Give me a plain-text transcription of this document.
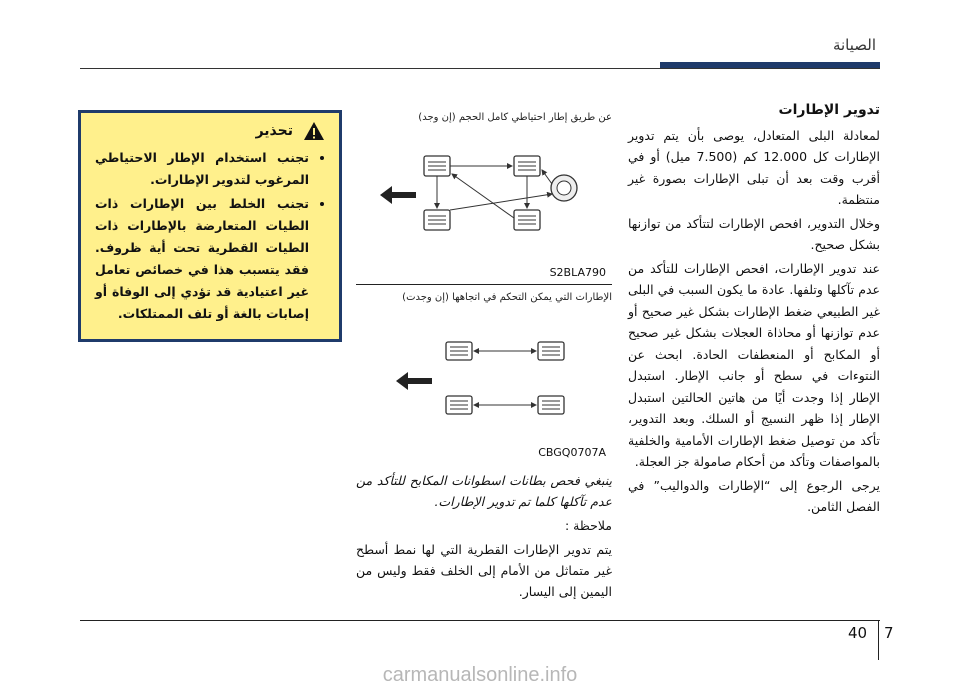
الصيانة
تدوير الإطارات

لمعادلة البلى المتعادل، يوصى بأن يتم تدوير الإطارات كل 12.000 كم (7.500 ميل) أو في أقرب وقت بعد أن تبلى الإطارات بصورة غير منتظمة.

وخلال التدوير، افحص الإطارات لتتأكد من توازنها بشكل صحيح.

عند تدوير الإطارات، افحص الإطارات للتأكد من عدم تآكلها وتلفها. عادة ما يكون السبب في البلى غير الطبيعي ضغط الإطارات بشكل غير صحيح أو عدم توازنها أو محاذاة العجلات بشكل غير صحيح أو المكابح أو المنعطفات الحادة. ابحث عن النتوءات في سطح أو جانب الإطار. استبدل الإطار إذا وجدت أيًا من هاتين الحالتين استبدل الإطار إذا ظهر النسيج أو السلك. وبعد التدوير، تأكد من توصيل ضغط الإطارات الأمامية والخلفية بالمواصفات وتأكد من أحكام صامولة جز العجلة.

يرجى الرجوع إلى “الإطارات والدواليب” في الفصل الثامن.

عن طريق إطار احتياطي كامل الحجم (إن وجد)
S2BLA790
الإطارات التي يمكن التحكم في اتجاهها (إن وجدت)
CBGQ0707A

ينبغي فحص بطانات اسطوانات المكابح للتأكد من عدم تآكلها كلما تم تدوير الإطارات.

ملاحظة :

يتم تدوير الإطارات القطرية التي لها نمط أسطح غير متماثل من الأمام إلى الخلف فقط وليس من اليمين إلى اليسار.

تحذير
• تجنب استخدام الإطار الاحتياطي المرغوب لتدوير الإطارات.
• تجنب الخلط بين الإطارات ذات الطيات المتعارضة بالإطارات ذات الطيات القطرية تحت أية ظروف. فقد يتسبب هذا في خصائص تعامل غير اعتيادية قد تؤدي إلى الوفاة أو إصابات بالغة أو تلف الممتلكات.
40 7
carmanualsonline.info
